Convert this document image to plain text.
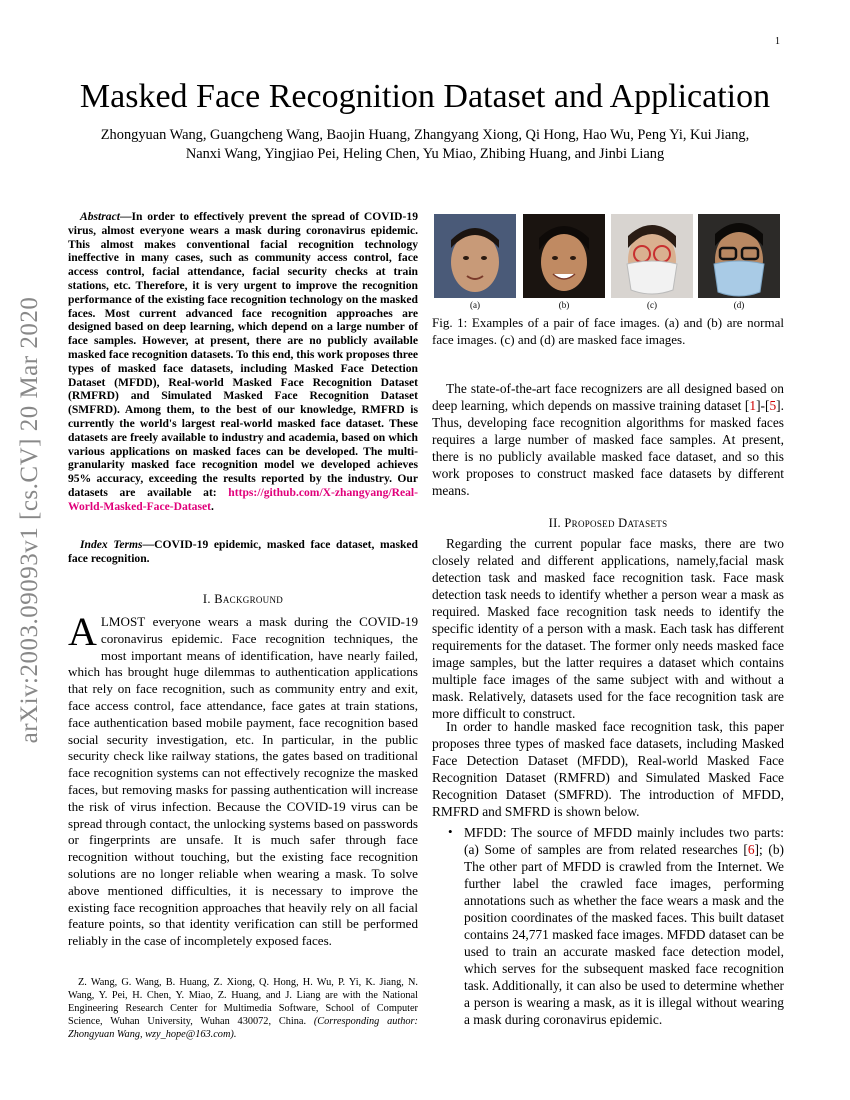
1
arXiv:2003.09093v1 [cs.CV] 20 Mar 2020
Masked Face Recognition Dataset and Application
Zhongyuan Wang, Guangcheng Wang, Baojin Huang, Zhangyang Xiong, Qi Hong, Hao Wu, Peng Yi, Kui Jiang,
Nanxi Wang, Yingjiao Pei, Heling Chen, Yu Miao, Zhibing Huang, and Jinbi Liang

Abstract—In order to effectively prevent the spread of COVID-19 virus, almost everyone wears a mask during coronavirus epidemic. This almost makes conventional facial recognition technology ineffective in many cases, such as community access control, face access control, facial attendance, facial security checks at train stations, etc. Therefore, it is very urgent to improve the recognition performance of the existing face recognition technology on the masked faces. Most current advanced face recognition approaches are designed based on deep learning, which depend on a large number of face samples. However, at present, there are no publicly available masked face recognition datasets. To this end, this work proposes three types of masked face datasets, including Masked Face Detection Dataset (MFDD), Real-world Masked Face Recognition Dataset (RMFRD) and Simulated Masked Face Recognition Dataset (SMFRD). Among them, to the best of our knowledge, RMFRD is currently the world's largest real-world masked face dataset. These datasets are freely available to industry and academia, based on which various applications on masked faces can be developed. The multi-granularity masked face recognition model we developed achieves 95% accuracy, exceeding the results reported by the industry. Our datasets are available at: https://github.com/X-zhangyang/Real-World-Masked-Face-Dataset.

Index Terms—COVID-19 epidemic, masked face dataset, masked face recognition.

I. Background

ALMOST everyone wears a mask during the COVID-19 coronavirus epidemic. Face recognition techniques, the most important means of identification, have nearly failed, which has brought huge dilemmas to authentication applications that rely on face recognition, such as community entry and exit, face access control, face attendance, face gates at train stations, face authentication based mobile payment, face recognition based social security investigation, etc. In particular, in the public security check like railway stations, the gates based on traditional face recognition systems can not effectively recognize the masked faces, but removing masks for passing authentication will increase the risk of virus infection. Because the COVID-19 virus can be spread through contact, the unlocking systems based on passwords or fingerprints are unsafe. It is much safer through face recognition without touching, but the existing face recognition solutions are no longer reliable when wearing a mask. To solve above mentioned difficulties, it is necessary to improve the existing face recognition approaches that heavily rely on all facial feature points, so that identity verification can still be performed reliably in the case of incompletely exposed faces.

Z. Wang, G. Wang, B. Huang, Z. Xiong, Q. Hong, H. Wu, P. Yi, K. Jiang, N. Wang, Y. Pei, H. Chen, Y. Miao, Z. Huang, and J. Liang are with the National Engineering Research Center for Multimedia Software, School of Computer Science, Wuhan University, Wuhan 430072, China. (Corresponding author: Zhongyuan Wang, wzy_hope@163.com).

(a)	(b)	(c)	(d)

Fig. 1: Examples of a pair of face images. (a) and (b) are normal face images. (c) and (d) are masked face images.

The state-of-the-art face recognizers are all designed based on deep learning, which depends on massive training dataset [1]-[5]. Thus, developing face recognition algorithms for masked faces requires a large number of masked face samples. At present, there is no publicly available masked face dataset, and so this work proposes to construct masked face datasets by different means.

II. Proposed Datasets

Regarding the current popular face masks, there are two closely related and different applications, namely,facial mask detection task and masked face recognition task. Face mask detection task needs to identify whether a person wear a mask as required. Masked face recognition task needs to identify the specific identity of a person with a mask. Each task has different requirements for the dataset. The former only needs masked face image samples, but the latter requires a dataset which contains multiple face images of the same subject with and without a mask. Relatively, datasets used for the face recognition task are more difficult to construct.

In order to handle masked face recognition task, this paper proposes three types of masked face datasets, including Masked Face Detection Dataset (MFDD), Real-world Masked Face Recognition Dataset (RMFRD) and Simulated Masked Face Recognition Dataset (SMFRD). The introduction of MFDD, RMFRD and SMFRD is shown below.

• MFDD: The source of MFDD mainly includes two parts: (a) Some of samples are from related researches [6]; (b) The other part of MFDD is crawled from the Internet. We further label the crawled face images, performing annotations such as whether the face wears a mask and the position coordinates of the masked faces. This built dataset contains 24,771 masked face images. MFDD dataset can be used to train an accurate masked face detection model, which serves for the subsequent masked face recognition task. Additionally, it can also be used to determine whether a person is wearing a mask, as it is illegal without wearing a mask during coronavirus epidemic.
